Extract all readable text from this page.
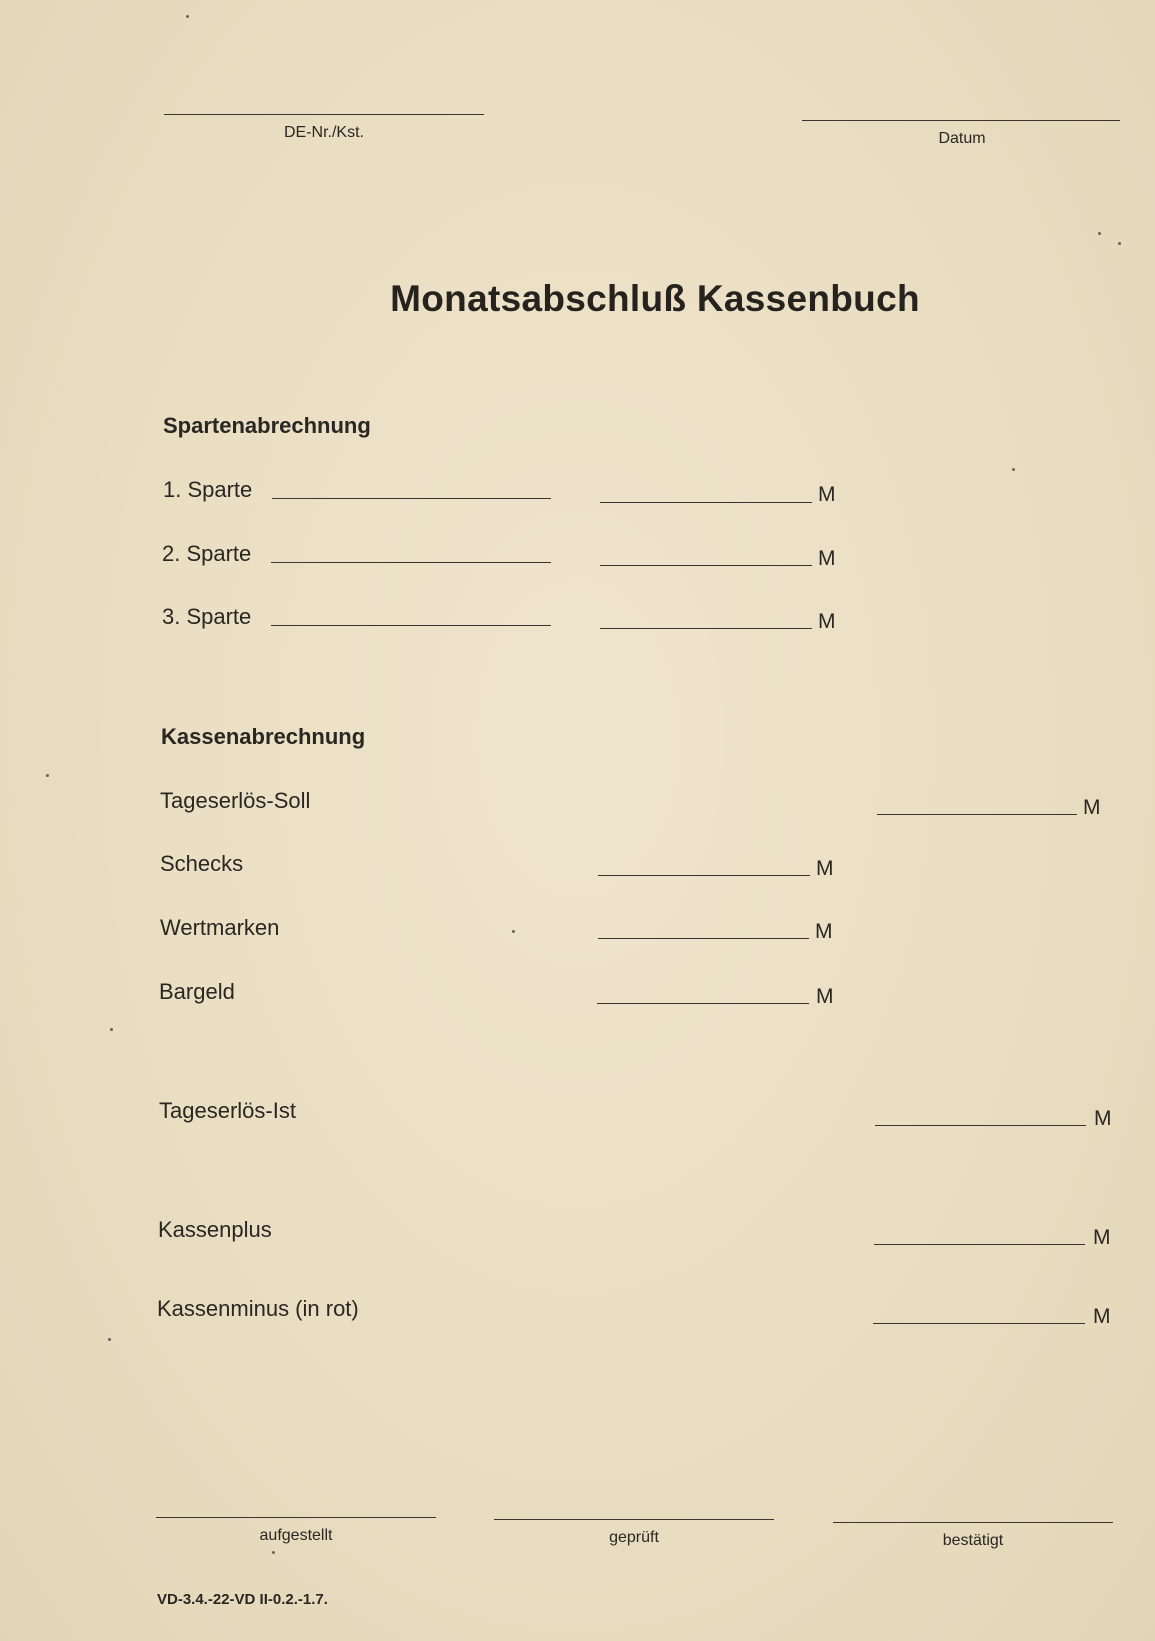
DE-Nr./Kst.	Datum
Monatsabschluß Kassenbuch
Spartenabrechnung
1. Sparte	M
2. Sparte	M
3. Sparte	M
Kassenabrechnung
Tageserlös-Soll	M
Schecks	M
Wertmarken	M
Bargeld	M
Tageserlös-Ist	M
Kassenplus	M
Kassenminus (in rot)	M
aufgestellt	geprüft	bestätigt
VD-3.4.-22-VD II-0.2.-1.7.
